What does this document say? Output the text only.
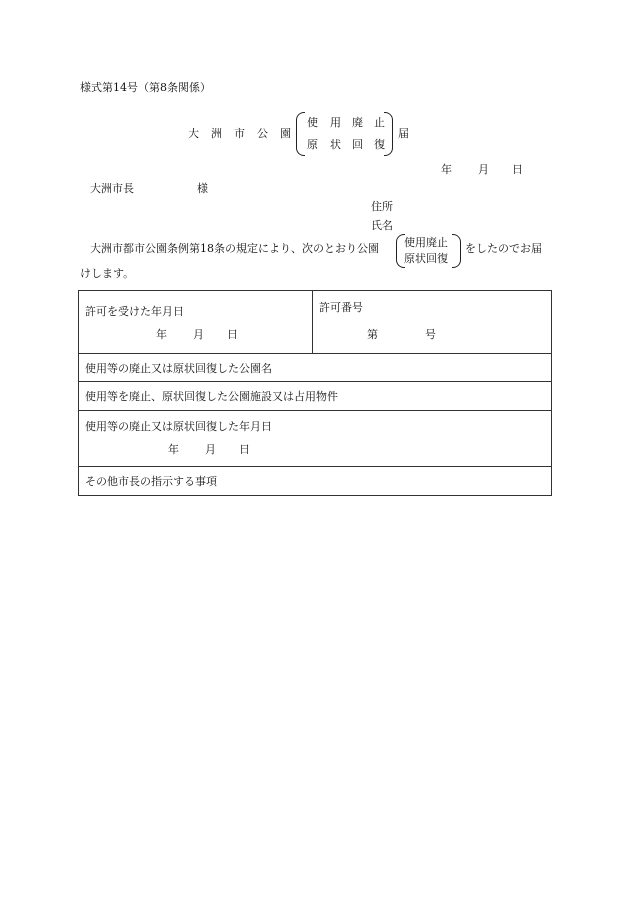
様式第14号（第8条関係）
大 洲 市 公 園
使 用 廃 止
原 状 回 復
届
年 月 日
大洲市長	様
住所
氏名
大洲市都市公園条例第18条の規定により、次のとおり公園 使用廃止
原状回復
をしたのでお届
けします。
許可を受けた年月日
年 月 日
許可番号
第	号
使用等の廃止又は原状回復した公園名
使用等を廃止、原状回復した公園施設又は占用物件
使用等の廃止又は原状回復した年月日
年 月 日
その他市長の指示する事項
